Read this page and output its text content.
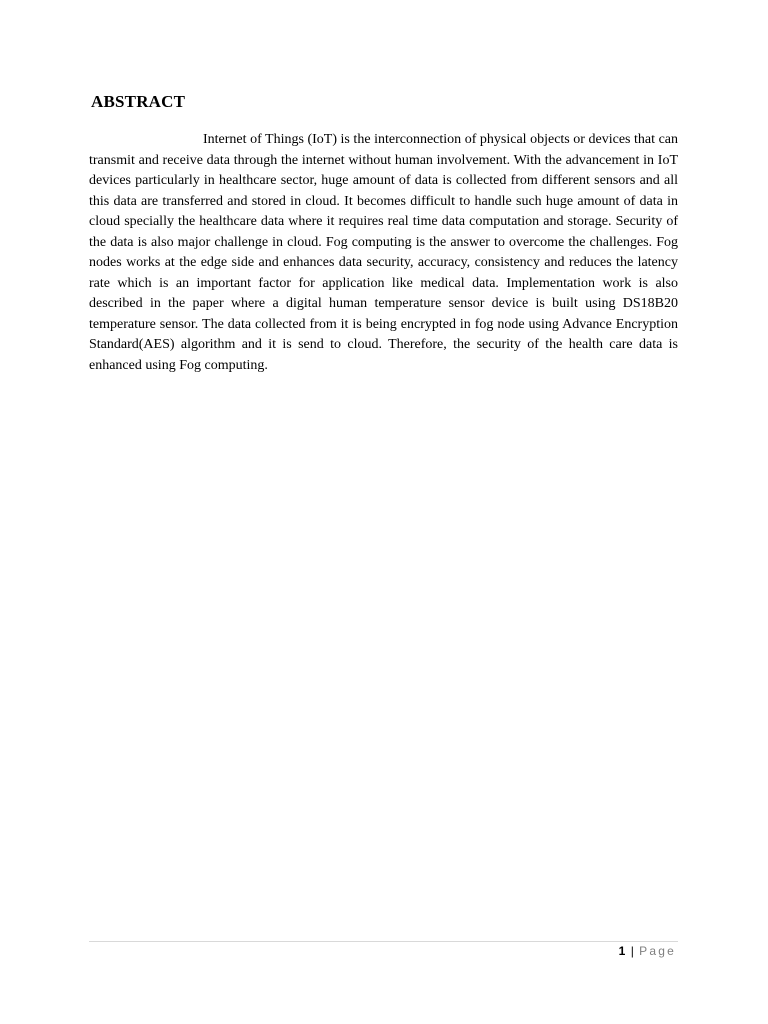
ABSTRACT

Internet of Things (IoT) is the interconnection of physical objects or devices that can transmit and receive data through the internet without human involvement. With the advancement in IoT devices particularly in healthcare sector, huge amount of data is collected from different sensors and all this data are transferred and stored in cloud. It becomes difficult to handle such huge amount of data in cloud specially the healthcare data where it requires real time data computation and storage. Security of the data is also major challenge in cloud. Fog computing is the answer to overcome the challenges. Fog nodes works at the edge side and enhances data security, accuracy, consistency and reduces the latency rate which is an important factor for application like medical data. Implementation work is also described in the paper where a digital human temperature sensor device is built using DS18B20 temperature sensor. The data collected from it is being encrypted in fog node using Advance Encryption Standard(AES) algorithm and it is send to cloud. Therefore, the security of the health care data is enhanced using Fog computing.

1 | Page
